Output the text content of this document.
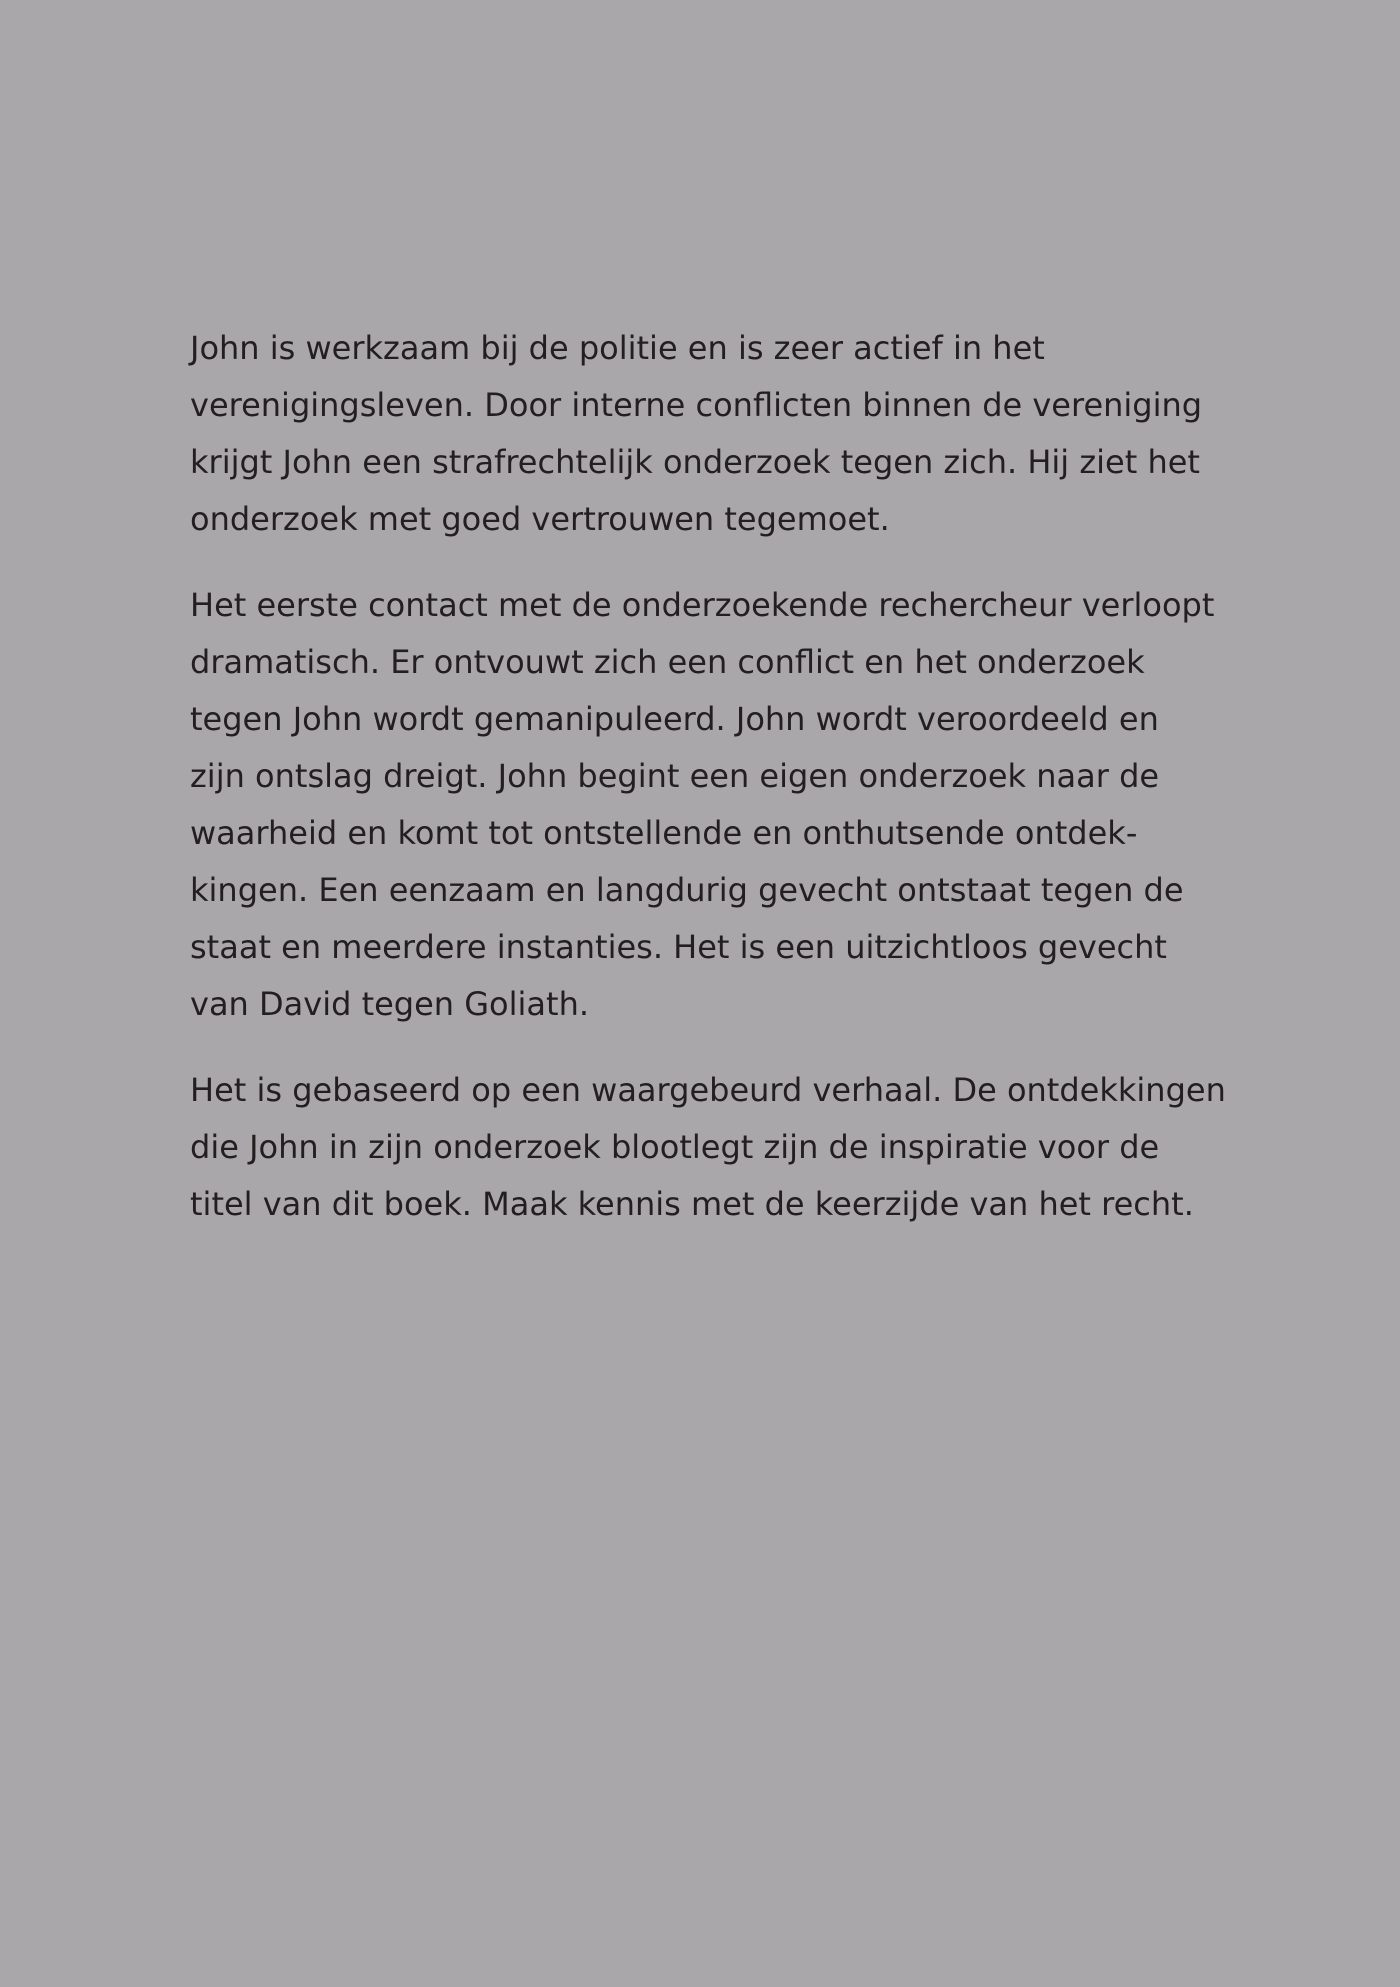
John is werkzaam bij de politie en is zeer actief in het
verenigingsleven. Door interne conflicten binnen de vereniging
krijgt John een strafrechtelijk onderzoek tegen zich. Hij ziet het
onderzoek met goed vertrouwen tegemoet.

Het eerste contact met de onderzoekende rechercheur verloopt
dramatisch. Er ontvouwt zich een conflict en het onderzoek
tegen John wordt gemanipuleerd. John wordt veroordeeld en
zijn ontslag dreigt. John begint een eigen onderzoek naar de
waarheid en komt tot ontstellende en onthutsende ontdek-
kingen. Een eenzaam en langdurig gevecht ontstaat tegen de
staat en meerdere instanties. Het is een uitzichtloos gevecht
van David tegen Goliath.

Het is gebaseerd op een waargebeurd verhaal. De ontdekkingen
die John in zijn onderzoek blootlegt zijn de inspiratie voor de
titel van dit boek. Maak kennis met de keerzijde van het recht.
